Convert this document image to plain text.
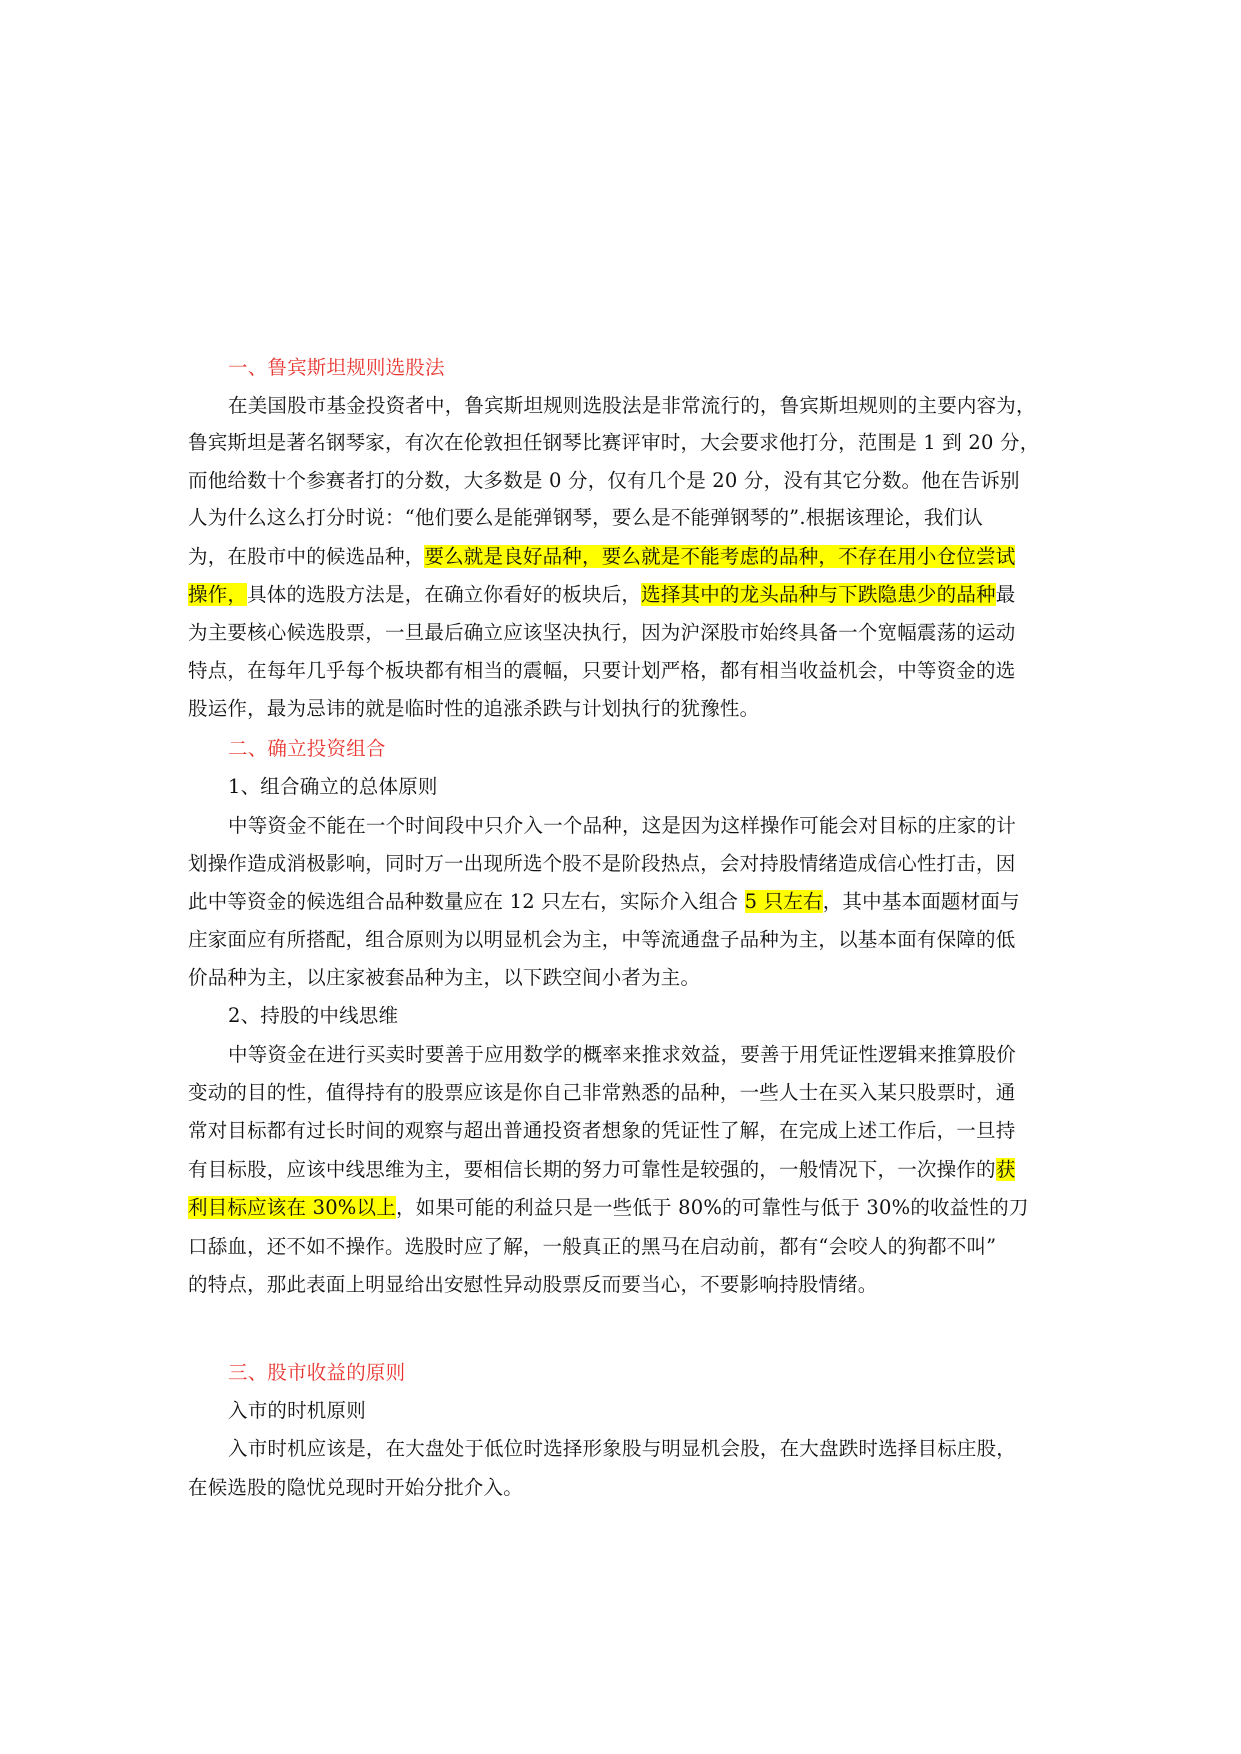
一、鲁宾斯坦规则选股法
在美国股市基金投资者中，鲁宾斯坦规则选股法是非常流行的，鲁宾斯坦规则的主要内容为，
鲁宾斯坦是著名钢琴家，有次在伦敦担任钢琴比赛评审时，大会要求他打分，范围是 1 到 20 分，
而他给数十个参赛者打的分数，大多数是 0 分，仅有几个是 20 分，没有其它分数。他在告诉别
人为什么这么打分时说：“他们要么是能弹钢琴，要么是不能弹钢琴的”.根据该理论，我们认
为，在股市中的候选品种，要么就是良好品种，要么就是不能考虑的品种，不存在用小仓位尝试
操作，具体的选股方法是，在确立你看好的板块后，选择其中的龙头品种与下跌隐患少的品种最
为主要核心候选股票，一旦最后确立应该坚决执行，因为沪深股市始终具备一个宽幅震荡的运动
特点，在每年几乎每个板块都有相当的震幅，只要计划严格，都有相当收益机会，中等资金的选
股运作，最为忌讳的就是临时性的追涨杀跌与计划执行的犹豫性。
二、确立投资组合
1、组合确立的总体原则
中等资金不能在一个时间段中只介入一个品种，这是因为这样操作可能会对目标的庄家的计
划操作造成消极影响，同时万一出现所选个股不是阶段热点，会对持股情绪造成信心性打击，因
此中等资金的候选组合品种数量应在 12 只左右，实际介入组合 5 只左右，其中基本面题材面与
庄家面应有所搭配，组合原则为以明显机会为主，中等流通盘子品种为主，以基本面有保障的低
价品种为主，以庄家被套品种为主，以下跌空间小者为主。
2、持股的中线思维
中等资金在进行买卖时要善于应用数学的概率来推求效益，要善于用凭证性逻辑来推算股价
变动的目的性，值得持有的股票应该是你自己非常熟悉的品种，一些人士在买入某只股票时，通
常对目标都有过长时间的观察与超出普通投资者想象的凭证性了解，在完成上述工作后，一旦持
有目标股，应该中线思维为主，要相信长期的努力可靠性是较强的，一般情况下，一次操作的获
利目标应该在 30%以上，如果可能的利益只是一些低于 80%的可靠性与低于 30%的收益性的刀
口舔血，还不如不操作。选股时应了解，一般真正的黑马在启动前，都有“会咬人的狗都不叫”
的特点，那此表面上明显给出安慰性异动股票反而要当心，不要影响持股情绪。
三、股市收益的原则
入市的时机原则
入市时机应该是，在大盘处于低位时选择形象股与明显机会股，在大盘跌时选择目标庄股，
在候选股的隐忧兑现时开始分批介入。
